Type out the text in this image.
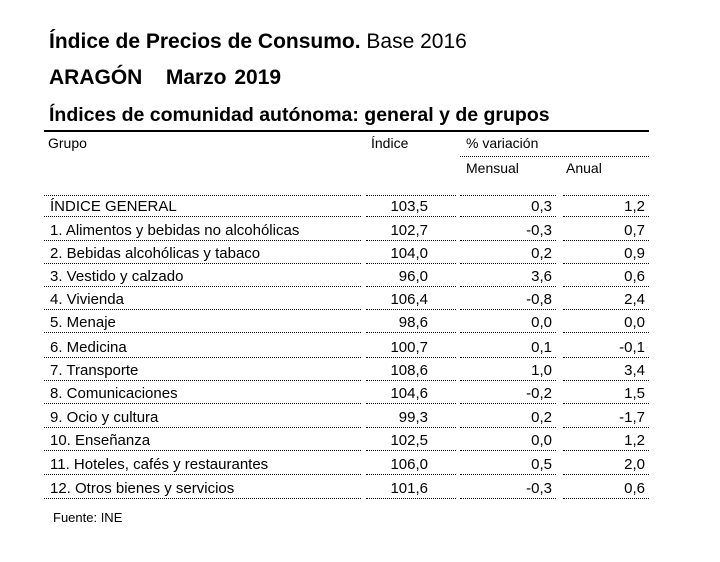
Índice de Precios de Consumo. Base 2016
ARAGÓN   Marzo 2019
Índices de comunidad autónoma: general y de grupos
Grupo	Índice	% variación
Mensual	Anual
ÍNDICE GENERAL	103,5	0,3	1,2
1. Alimentos y bebidas no alcohólicas	102,7	-0,3	0,7
2. Bebidas alcohólicas y tabaco	104,0	0,2	0,9
3. Vestido y calzado	96,0	3,6	0,6
4. Vivienda	106,4	-0,8	2,4
5. Menaje	98,6	0,0	0,0
6. Medicina	100,7	0,1	-0,1
7. Transporte	108,6	1,0	3,4
8. Comunicaciones	104,6	-0,2	1,5
9. Ocio y cultura	99,3	0,2	-1,7
10. Enseñanza	102,5	0,0	1,2
11. Hoteles, cafés y restaurantes	106,0	0,5	2,0
12. Otros bienes y servicios	101,6	-0,3	0,6
Fuente: INE
